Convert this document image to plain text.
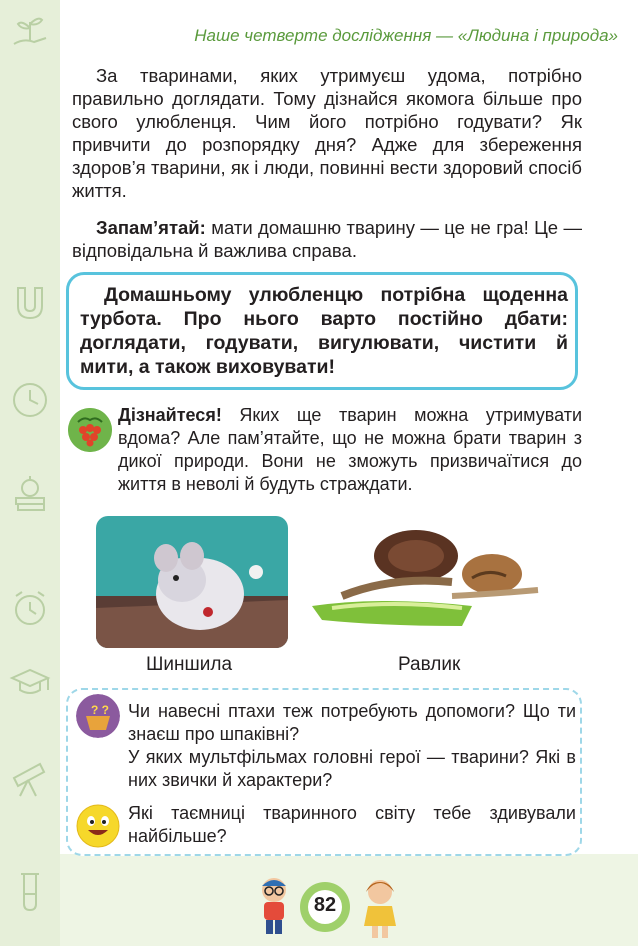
Наше четверте дослідження — «Людина і природа»

За тваринами, яких утримуєш удома, потрібно правильно доглядати. Тому дізнайся якомога більше про свого улюбленця. Чим його потрібно годувати? Як привчити до розпорядку дня? Адже для збереження здоров’я тварини, як і люди, повинні вести здоровий спосіб життя.

Запам’ятай: мати домашню тварину — це не гра! Це — відповідальна й важлива справа.

Домашньому улюбленцю потрібна щоденна турбота. Про нього варто постійно дбати: доглядати, годувати, вигулювати, чистити й мити, а також виховувати!

Дізнайтеся! Яких ще тварин можна утримувати вдома? Але пам’ятайте, що не можна брати тварин з дикої природи. Вони не зможуть призвичаїтися до життя в неволі й будуть страждати.

Шиншила	Равлик
? ? Чи навесні птахи теж потребують допомоги? Що ти знаєш про шпаківні?

У яких мультфільмах головні герої — тварини? Які в них звички й характери?

Які таємниці тваринного світу тебе здивували найбільше?

82
